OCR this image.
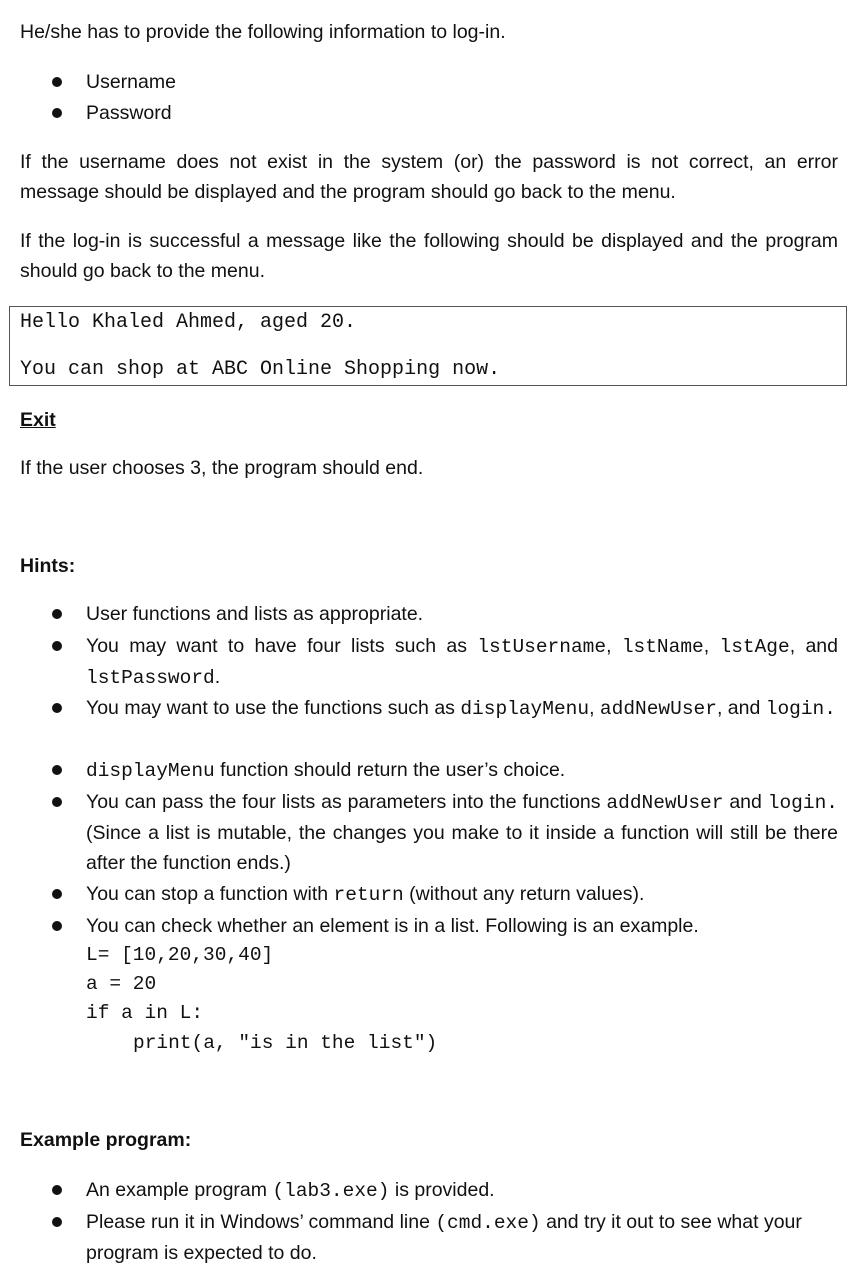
He/she has to provide the following information to log-in.

Username

Password

If the username does not exist in the system (or) the password is not correct, an error message should be displayed and the program should go back to the menu.

If the log-in is successful a message like the following should be displayed and the program should go back to the menu.

Hello Khaled Ahmed, aged 20.
You can shop at ABC Online Shopping now.

Exit

If the user chooses 3, the program should end.

Hints:

User functions and lists as appropriate.

You may want to have four lists such as lstUsername, lstName, lstAge, and lstPassword.

You may want to use the functions such as displayMenu, addNewUser, and login.

displayMenu function should return the user’s choice.

You can pass the four lists as parameters into the functions addNewUser and login. (Since a list is mutable, the changes you make to it inside a function will still be there after the function ends.)

You can stop a function with return (without any return values).

You can check whether an element is in a list. Following is an example.

L= [10,20,30,40]

a = 20

if a in L:

print(a, "is in the list")

Example program:

An example program (lab3.exe) is provided.

Please run it in Windows’ command line (cmd.exe) and try it out to see what your program is expected to do.
